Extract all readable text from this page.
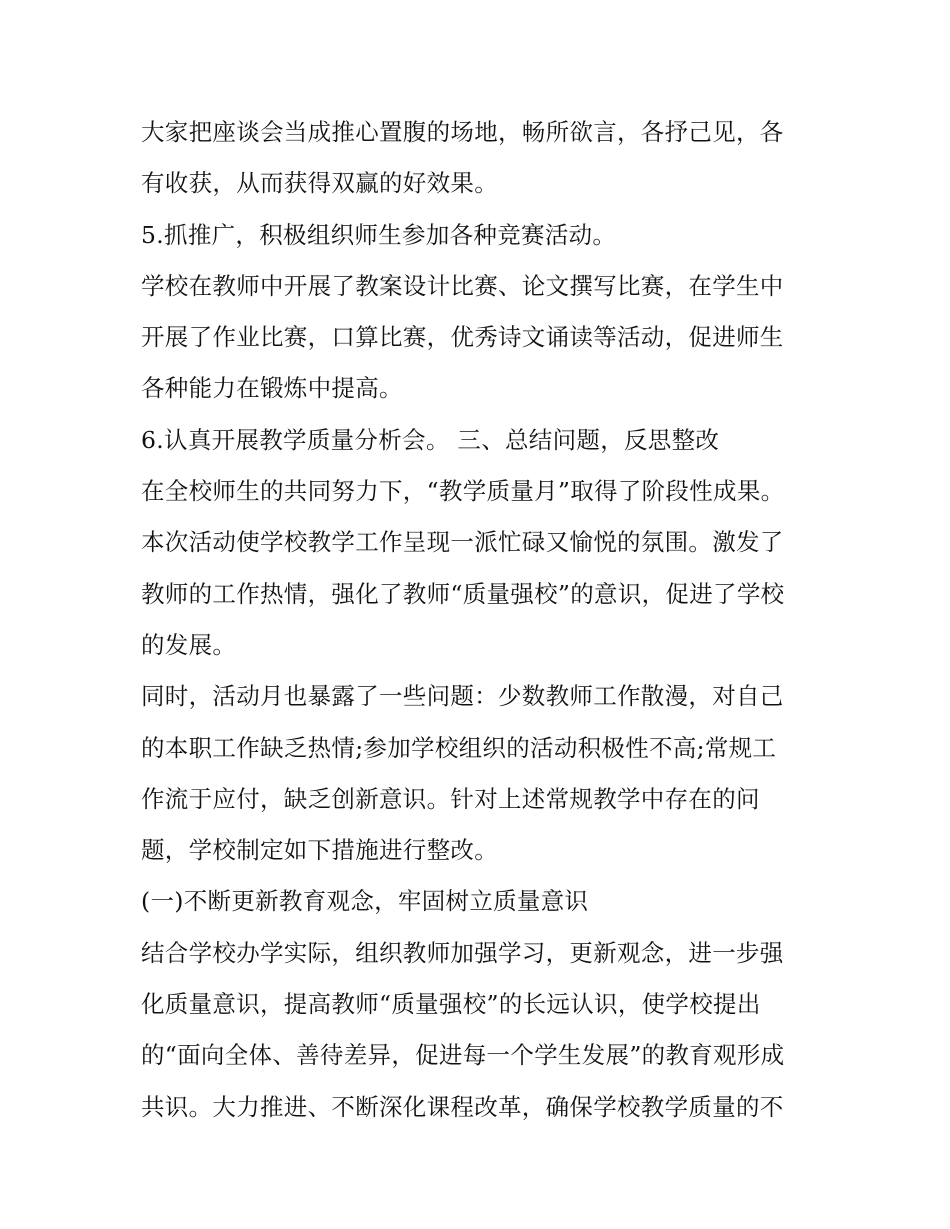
大家把座谈会当成推心置腹的场地，畅所欲言，各抒己见，各
有收获，从而获得双赢的好效果。
5.抓推广，积极组织师生参加各种竞赛活动。
学校在教师中开展了教案设计比赛、论文撰写比赛，在学生中
开展了作业比赛，口算比赛，优秀诗文诵读等活动，促进师生
各种能力在锻炼中提高。
6.认真开展教学质量分析会。 三、总结问题，反思整改
在全校师生的共同努力下，“教学质量月”取得了阶段性成果。
本次活动使学校教学工作呈现一派忙碌又愉悦的氛围。激发了
教师的工作热情，强化了教师“质量强校”的意识，促进了学校
的发展。
同时，活动月也暴露了一些问题：少数教师工作散漫，对自己
的本职工作缺乏热情;参加学校组织的活动积极性不高;常规工
作流于应付，缺乏创新意识。针对上述常规教学中存在的问
题，学校制定如下措施进行整改。
(一)不断更新教育观念，牢固树立质量意识
结合学校办学实际，组织教师加强学习，更新观念，进一步强
化质量意识，提高教师“质量强校”的长远认识，使学校提出
的“面向全体、善待差异，促进每一个学生发展”的教育观形成
共识。大力推进、不断深化课程改革，确保学校教学质量的不
